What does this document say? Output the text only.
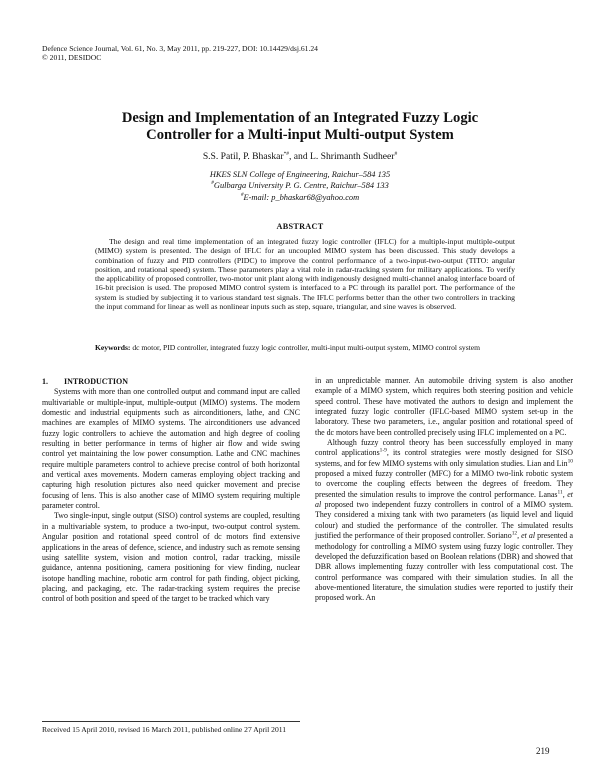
Defence Science Journal, Vol. 61, No. 3, May 2011, pp. 219-227, DOI: 10.14429/dsj.61.24
© 2011, DESIDOC
Design and Implementation of an Integrated Fuzzy Logic
Controller for a Multi-input Multi-output System
S.S. Patil, P. Bhaskar*#, and L. Shrimanth Sudheer#
HKES SLN College of Engineering, Raichur–584 135
#Gulbarga University P. G. Centre, Raichur–584 133
#E-mail: p_bhaskar68@yahoo.com
ABSTRACT

The design and real time implementation of an integrated fuzzy logic controller (IFLC) for a multiple-input multiple-output (MIMO) system is presented. The design of IFLC for an uncoupled MIMO system has been discussed. This study develops a combination of fuzzy and PID controllers (PIDC) to improve the control performance of a two-input-two-output (TITO: angular position, and rotational speed) system. These parameters play a vital role in radar-tracking system for military applications. To verify the applicability of proposed controller, two-motor unit plant along with indigenously designed multi-channel analog interface board of 16-bit precision is used. The proposed MIMO control system is interfaced to a PC through its parallel port. The performance of the system is studied by subjecting it to various standard test signals. The IFLC performs better than the other two controllers in tracking the input command for linear as well as nonlinear inputs such as step, square, triangular, and sine waves is observed.

Keywords: dc motor, PID controller, integrated fuzzy logic controller, multi-input multi-output system, MIMO control system
1. INTRODUCTION

Systems with more than one controlled output and command input are called multivariable or multiple-input, multiple-output (MIMO) systems. The modern domestic and industrial equipments such as airconditioners, lathe, and CNC machines are examples of MIMO systems. The airconditioners use advanced fuzzy logic controllers to achieve the automation and high degree of cooling resulting in better performance in terms of higher air flow and wide swing control yet maintaining the low power consumption. Lathe and CNC machines require multiple parameters control to achieve precise control of both horizontal and vertical axes movements. Modern cameras employing object tracking and capturing high resolution pictures also need quicker movement and precise focusing of lens. This is also another case of MIMO system requiring multiple parameter control.

Two single-input, single output (SISO) control systems are coupled, resulting in a multivariable system, to produce a two-input, two-output control system. Angular position and rotational speed control of dc motors find extensive applications in the areas of defence, science, and industry such as remote sensing using satellite system, vision and motion control, radar tracking, missile guidance, antenna positioning, camera positioning for view finding, nuclear isotope handling machine, robotic arm control for path finding, object picking, placing, and packaging, etc. The radar-tracking system requires the precise control of both position and speed of the target to be tracked which vary

in an unpredictable manner. An automobile driving system is also another example of a MIMO system, which requires both steering position and vehicle speed control. These have motivated the authors to design and implement the integrated fuzzy logic controller (IFLC-based MIMO system set-up in the laboratory. These two parameters, i.e., angular position and rotational speed of the dc motors have been controlled precisely using IFLC implemented on a PC.

Although fuzzy control theory has been successfully employed in many control applications$^{1-9}$, its control strategies were mostly designed for SISO systems, and for few MIMO systems with only simulation studies. Lian and Lin$^{10}$ proposed a mixed fuzzy controller (MFC) for a MIMO two-link robotic system to overcome the coupling effects between the degrees of freedom. They presented the simulation results to improve the control performance. Lanas$^{11}$, et al proposed two independent fuzzy controllers in control of a MIMO system. They considered a mixing tank with two parameters (as liquid level and liquid colour) and studied the performance of the controller. The simulated results justified the performance of their proposed controller. Soriano$^{12}$, et al presented a methodology for controlling a MIMO system using fuzzy logic controller. They developed the defuzzification based on Boolean relations (DBR) and showed that DBR allows implementing fuzzy controller with less computational cost. The control performance was compared with their simulation studies. In all the above-mentioned literature, the simulation studies were reported to justify their proposed work. An

Received 15 April 2010, revised 16 March 2011, published online 27 April 2011
219
